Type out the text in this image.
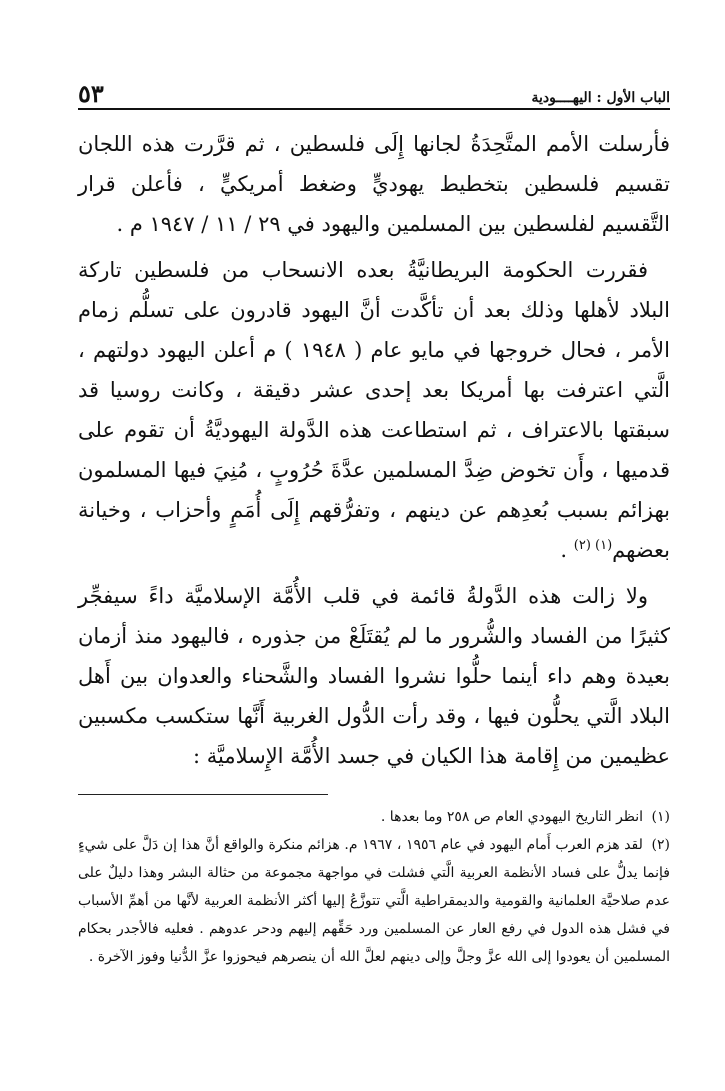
الباب الأول : اليهــــودية
٥٣

فأرسلت الأمم المتَّحِدَةُ لجانها إِلَى فلسطين ، ثم قرَّرت هذه اللجان تقسيم فلسطين بتخطيط يهوديٍّ وضغط أمريكيٍّ ، فأعلن قرار التَّقسيم لفلسطين بين المسلمين واليهود في ٢٩ / ١١ / ١٩٤٧ م .

فقررت الحكومة البريطانيَّةُ بعده الانسحاب من فلسطين تاركة البلاد لأهلها وذلك بعد أن تأكَّدت أنَّ اليهود قادرون على تسلُّم زمام الأمر ، فحال خروجها في مايو عام ( ١٩٤٨ ) م أعلن اليهود دولتهم ، الَّتي اعترفت بها أمريكا بعد إحدى عشر دقيقة ، وكانت روسيا قد سبقتها بالاعتراف ، ثم استطاعت هذه الدَّولة اليهوديَّةُ أن تقوم على قدميها ، وأَن تخوض ضِدَّ المسلمين عدَّةَ حُرُوبٍ ، مُنِيَ فيها المسلمون بهزائم بسبب بُعدِهم عن دينهم ، وتفرُّقهم إِلَى أُمَمٍ وأحزاب ، وخيانة بعضهم$^{(١) (٢)}$ .

ولا زالت هذه الدَّولةُ قائمة في قلب الأُمَّة الإسلاميَّة داءً سيفجِّر كثيرًا من الفساد والشُّرور ما لم يُقتَلَعْ من جذوره ، فاليهود منذ أزمان بعيدة وهم داء أينما حلُّوا نشروا الفساد والشَّحناء والعدوان بين أَهل البلاد الَّتي يحلُّون فيها ، وقد رأت الدُّول الغربية أَنَّها ستكسب مكسبين عظيمين من إِقامة هذا الكيان في جسد الأُمَّة الإِسلاميَّة :

(١) انظر التاريخ اليهودي العام ص ٢٥٨ وما بعدها .

(٢) لقد هزم العرب أَمام اليهود في عام ١٩٥٦ ، ١٩٦٧ م. هزائم منكرة والواقع أنَّ هذا إن دَلَّ على شيءٍ فإنما يدلُّ على فساد الأنظمة العربية الَّتي فشلت في مواجهة مجموعة من حثالة البشر وهذا دليلٌ على عدم صلاحيَّة العلمانية والقومية والديمقراطية الَّتي تتوزَّعُ إليها أكثر الأنظمة العربية لأنَّها من أهمِّ الأسباب في فشل هذه الدول في رفع العار عن المسلمين ورد حَقِّهم إليهم ودحر عدوهم . فعليه فالأجدر بحكام المسلمين أن يعودوا إلى الله عزَّ وجلَّ وإلى دينهم لعلَّ الله أن ينصرهم فيحوزوا عزَّ الدُّنيا وفوز الآخرة .
